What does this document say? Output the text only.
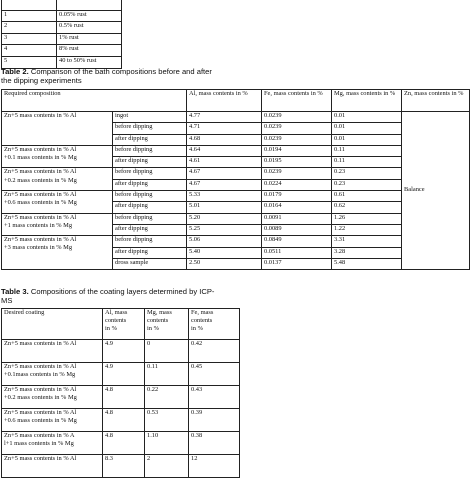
1	0.05% rust
2	0.5% rust
3	1% rust
4	8% rust
5	40 to 50% rust
Table 2. Comparison of the bath compositions before and after
the dipping experiments
Required composition		Al, mass contents in %	Fe, mass contents in %	Mg, mass contents in %	Zn, mass contents in %
Zn+5 mass contents in % Al	ingot	4.77	0.0239	0.01	Balance
	before dipping	4.71	0.0239	0.01	
	after dipping	4.68	0.0239	0.01	
Zn+5 mass contents in % Al
+0.1 mass contents in % Mg	before dipping	4.64	0.0194	0.11	
	after dipping	4.61	0.0195	0.11	
Zn+5 mass contents in % Al
+0.2 mass contents in % Mg	before dipping	4.67	0.0239	0.23	
	after dipping	4.67	0.0224	0.23	
Zn+5 mass contents in % Al
+0.6 mass contents in % Mg	before dipping	5.33	0.0179	0.61	
	after dipping	5.01	0.0164	0.62	
Zn+5 mass contents in % Al
+1 mass contents in % Mg	before dipping	5.20	0.0091	1.26	
	after dipping	5.25	0.0089	1.22	
Zn+5 mass contents in % Al
+3 mass contents in % Mg	before dipping	5.06	0.0849	3.31	
	after dipping	5.40	0.0511	3.28	
	dross sample	2.50	0.0137	5.48	
Table 3. Compositions of the coating layers determined by ICP-
MS
Desired coating	Al, mass
contents
in %	Mg, mass
contents
in %	Fe, mass
contents
in %
Zn+5 mass contents in % Al	4.9	0	0.42
Zn+5 mass contents in % Al
+0.1mass contents in % Mg	4.9	0.11	0.45
Zn+5 mass contents in % Al
+0.2 mass contents in % Mg	4.8	0.22	0.43
Zn+5 mass contents in % Al
+0.6 mass contents in % Mg	4.8	0.53	0.39
Zn+5 mass contents in % A
l+1 mass contents in % Mg	4.8	1.10	0.38
Zn+5 mass contents in % Al	8.3	2	12
